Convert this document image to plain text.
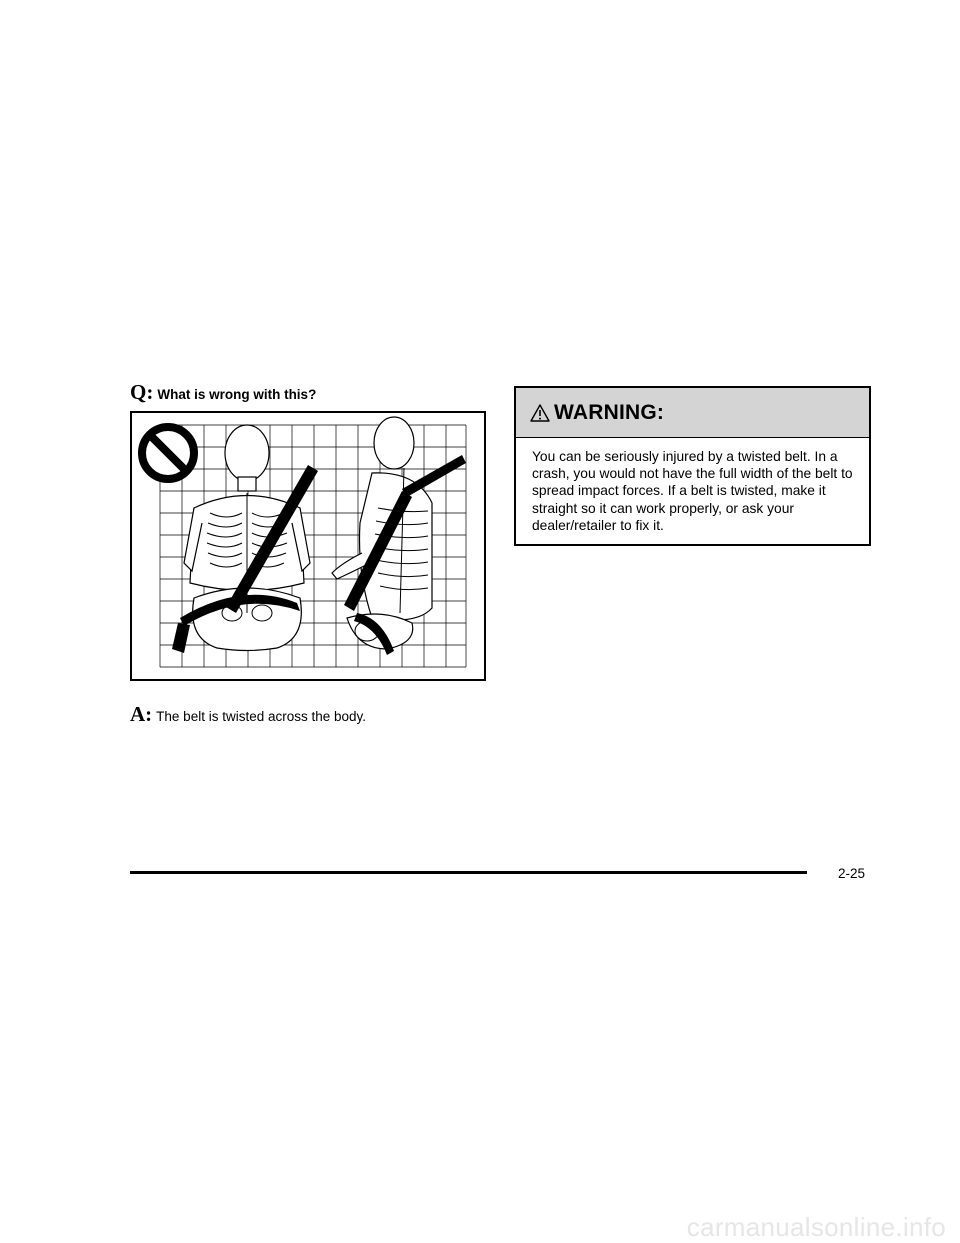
Q: What is wrong with this?
A: The belt is twisted across the body.
WARNING:
You can be seriously injured by a twisted belt. In a crash, you would not have the full width of the belt to spread impact forces. If a belt is twisted, make it straight so it can work properly, or ask your dealer/retailer to fix it.
2-25
carmanualsonline.info
